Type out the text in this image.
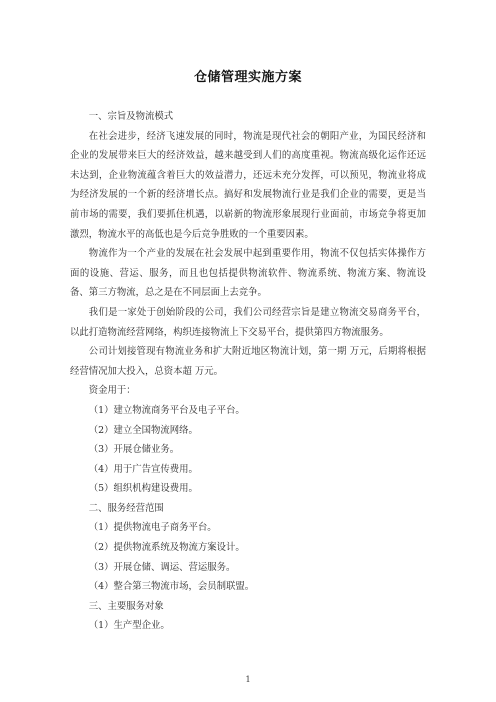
仓储管理实施方案

一、宗旨及物流模式

在社会进步，经济飞速发展的同时，物流是现代社会的朝阳产业，为国民经济和企业的发展带来巨大的经济效益，越来越受到人们的高度重视。物流高级化运作还远未达到，企业物流蕴含着巨大的效益潜力，还远未充分发挥，可以预见，物流业将成为经济发展的一个新的经济增长点。搞好和发展物流行业是我们企业的需要，更是当前市场的需要，我们要抓住机遇，以崭新的物流形象展现行业面前，市场竞争将更加激烈，物流水平的高低也是今后竞争胜败的一个重要因素。

物流作为一个产业的发展在社会发展中起到重要作用，物流不仅包括实体操作方面的设施、营运、服务，而且也包括提供物流软件、物流系统、物流方案、物流设备、第三方物流，总之是在不同层面上去竞争。

我们是一家处于创始阶段的公司，我们公司经营宗旨是建立物流交易商务平台，以此打造物流经营网络，构织连接物流上下交易平台，提供第四方物流服务。

公司计划接管现有物流业务和扩大附近地区物流计划，第一期 万元，后期将根据经营情况加大投入，总资本超 万元。

资金用于：

（1）建立物流商务平台及电子平台。

（2）建立全国物流网络。

（3）开展仓储业务。

（4）用于广告宣传费用。

（5）组织机构建设费用。

二、服务经营范围

（1）提供物流电子商务平台。

（2）提供物流系统及物流方案设计。

（3）开展仓储、调运、营运服务。

（4）整合第三物流市场，会员制联盟。

三、主要服务对象

（1）生产型企业。

1
